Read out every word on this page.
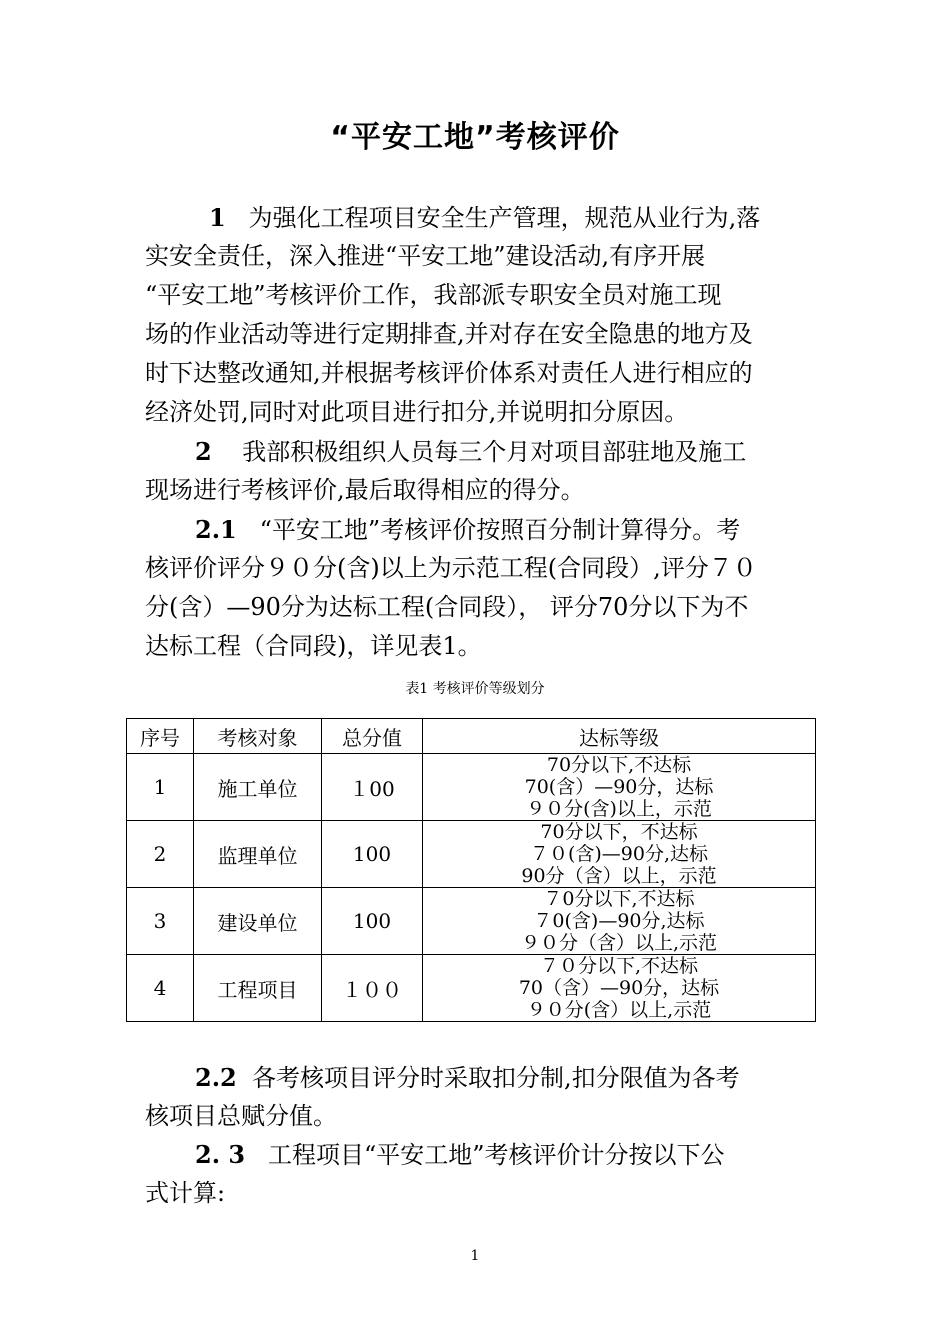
“平安工地”考核评价
1 为强化工程项目安全生产管理，规范从业行为,落
实安全责任，深入推进“平安工地”建设活动,有序开展
“平安工地”考核评价工作，我部派专职安全员对施工现
场的作业活动等进行定期排查,并对存在安全隐患的地方及
时下达整改通知,并根据考核评价体系对责任人进行相应的
经济处罚,同时对此项目进行扣分,并说明扣分原因。
2 我部积极组织人员每三个月对项目部驻地及施工
现场进行考核评价,最后取得相应的得分。
2.1 “平安工地”考核评价按照百分制计算得分。考
核评价评分９０分(含)以上为示范工程(合同段）,评分７０
分(含）—90分为达标工程(合同段）， 评分70分以下为不
达标工程（合同段)，详见表1。
表1 考核评价等级划分
序号	考核对象	总分值	达标等级
1	施工单位	１00	70分以下,不达标
70(含）—90分，达标
９０分(含)以上，示范

2	监理单位	100	70分以下，不达标
７０(含)—90分,达标
90分（含）以上，示范

3	建设单位	100	７0分以下,不达标
７0(含)—90分,达标
９０分（含）以上,示范

4	工程项目	１００	７０分以下,不达标
70（含）—90分，达标
９０分(含）以上,示范
2.2 各考核项目评分时采取扣分制,扣分限值为各考
核项目总赋分值。
2. 3 工程项目“平安工地”考核评价计分按以下公
式计算:
1
